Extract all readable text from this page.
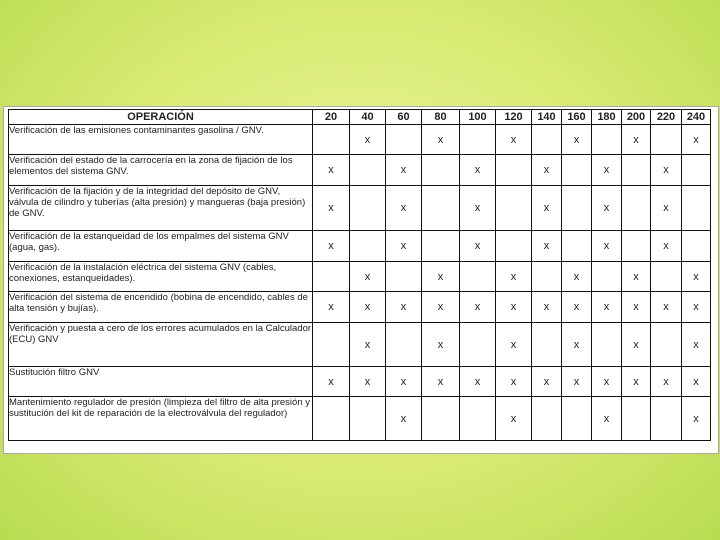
OPERACIÓN	20	40	60	80	100	120	140	160	180	200	220	240
Verificación de las emisiones contaminantes gasolina / GNV.		x		x		x		x		x		x
Verificación del estado de la carrocería en la zona de fijación de los elementos del sistema GNV.	x		x		x		x		x		x	
Verificación de la fijación y de la integridad del depósito de GNV, válvula de cilindro y tuberías (alta presión) y mangueras (baja presión) de GNV.	x		x		x		x		x		x	
Verificación de la estanqueidad de los empalmes del sistema GNV (agua, gas).	x		x		x		x		x		x	
Verificación de la instalación eléctrica del sistema GNV (cables, conexiones, estanqueidades).		x		x		x		x		x		x
Verificación del sistema de encendido (bobina de encendido, cables de alta tensión y bujías).	x	x	x	x	x	x	x	x	x	x	x	x
Verificación y puesta a cero de los errores acumulados en la Calculador (ECU) GNV		x		x		x		x		x		x
Sustitución filtro GNV	x	x	x	x	x	x	x	x	x	x	x	x
Mantenimiento regulador de presión (limpieza del filtro de alta presión y sustitución del kit de reparación de la electroválvula del regulador)			x			x			x			x
